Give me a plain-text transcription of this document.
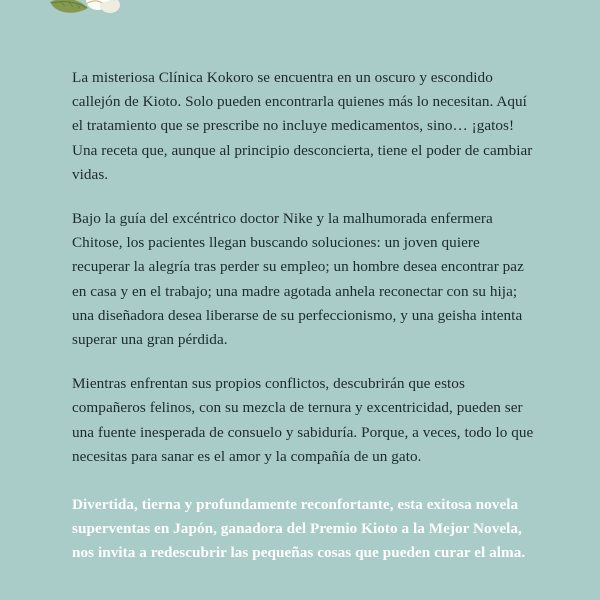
La misteriosa Clínica Kokoro se encuentra en un oscuro y escondido callejón de Kioto. Solo pueden encontrarla quienes más lo necesitan. Aquí el tratamiento que se prescribe no incluye medicamentos, sino… ¡gatos! Una receta que, aunque al principio desconcierta, tiene el poder de cambiar vidas.

Bajo la guía del excéntrico doctor Nike y la malhumorada enfermera Chitose, los pacientes llegan buscando soluciones: un joven quiere recuperar la alegría tras perder su empleo; un hombre desea encontrar paz en casa y en el trabajo; una madre agotada anhela reconectar con su hija; una diseñadora desea liberarse de su perfeccionismo, y una geisha intenta superar una gran pérdida.

Mientras enfrentan sus propios conflictos, descubrirán que estos compañeros felinos, con su mezcla de ternura y excentricidad, pueden ser una fuente inesperada de consuelo y sabiduría. Porque, a veces, todo lo que necesitas para sanar es el amor y la compañía de un gato.

Divertida, tierna y profundamente reconfortante, esta exitosa novela superventas en Japón, ganadora del Premio Kioto a la Mejor Novela, nos invita a redescubrir las pequeñas cosas que pueden curar el alma.
